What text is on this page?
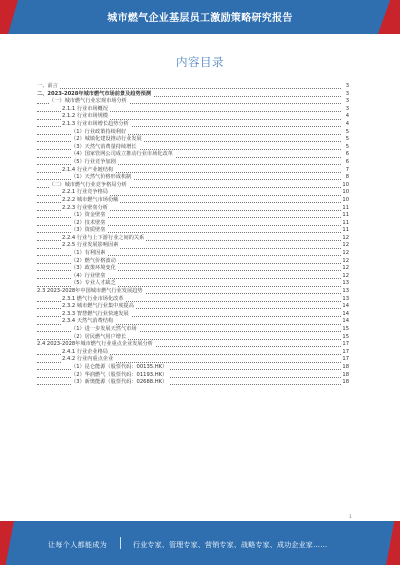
城市燃气企业基层员工激励策略研究报告
内容目录
一、前言	3
二、2023-2028年城市燃气市场前景及趋势预测	3
（一）城市燃气行业宏观市场分析	3
2.1.1 行业市场概况	3
2.1.2 行业市场规模	4
2.1.3 行业市场增长趋势分析	4
（1）行业政策持续利好	5
（2）城镇化建设推动行业发展	5
（3）天然气消费量持续增长	5
（4）国家管网公司成立推动行业市场化改革	6
（5）行业竞争加剧	6
2.1.4 行业产业链结构	7
（1）天然气价格形成机制	8
（二）城市燃气行业竞争格局分析	10
2.2.1 行业竞争格局	10
2.2.2 城市燃气市场份额	10
2.2.3 行业壁垒分析	11
（1）资金壁垒	11
（2）技术壁垒	11
（3）资质壁垒	11
2.2.4 行业与上下游行业之间的关系	12
2.2.5 行业发展影响因素	12
（1）有利因素	12
（2）燃气价格波动	12
（3）政策环境变化	12
（4）行业壁垒	12
（5）专业人才缺乏	13
2.3 2023-2028年中国城市燃气行业发展趋势	13
2.3.1 燃气行业市场化改革	13
2.3.2 城市燃气行业集中度提高	14
2.3.3 智慧燃气行业快速发展	14
2.3.4 天然气消费结构	14
（1）进一步发展天然气市场	15
（2）居民燃气用户增长	15
2.4 2023-2028年城市燃气行业重点企业发展分析	17
2.4.1 行业企业格局	17
2.4.2 行业内重点企业	17
（1）昆仑能源（股票代码：00135.HK）	18
（2）华润燃气（股票代码：01193.HK）	18
（3）新奥能源（股票代码：02688.HK）	18
1
让每个人都能成为	行业专家、管理专家、营销专家、战略专家、成功企业家……
